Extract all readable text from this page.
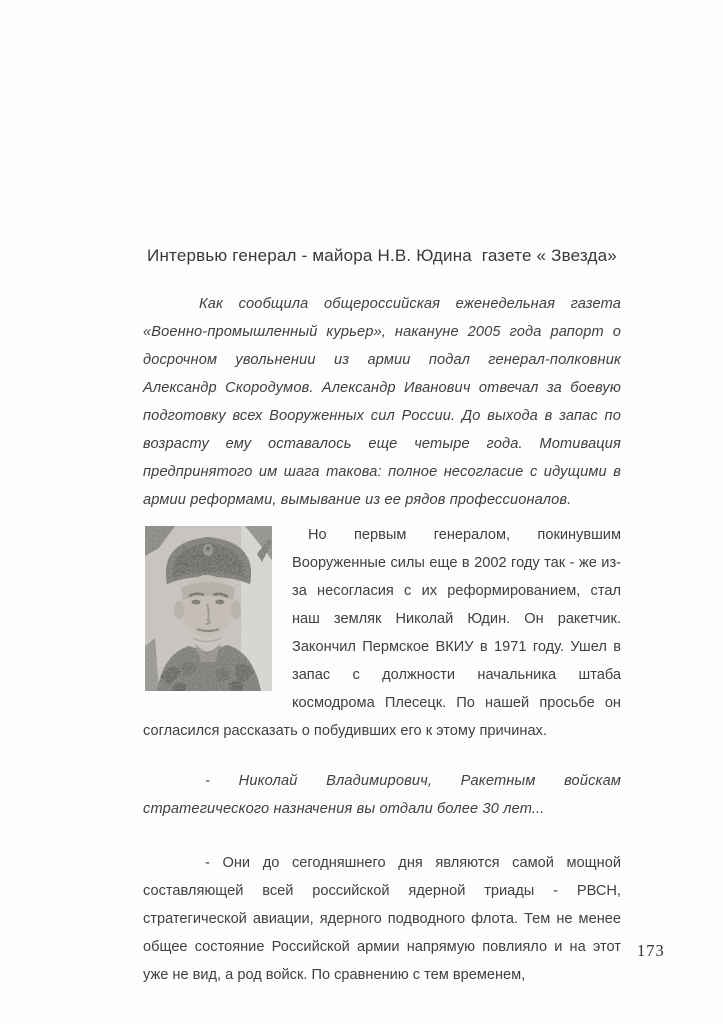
Интервью генерал - майора Н.В. Юдина  газете « Звезда»

Как сообщила общероссийская еженедельная газета «Военно-промышленный курьер», накануне 2005 года рапорт о досрочном увольнении из армии подал генерал-полковник Александр Скородумов. Александр Иванович отвечал за боевую подготовку всех Вооруженных сил России. До выхода в запас по возрасту ему оставалось еще четыре года. Мотивация предпринятого им шага такова: полное несогласие с идущими в армии реформами, вымывание из ее рядов профессионалов.

Но первым генералом, покинувшим Вооруженные силы еще в 2002 году так - же из-за несогласия с их реформированием, стал наш земляк Николай Юдин. Он ракетчик. Закончил Пермское ВКИУ в 1971 году. Ушел в запас с должности начальника штаба космодрома Плесецк. По нашей просьбе он согласился рассказать о побудивших его к этому причинах.

- Николай Владимирович, Ракетным войскам стратегического назначения вы отдали более 30 лет...

- Они до сегодняшнего дня являются самой мощной составляющей всей российской ядерной триады - РВСН, стратегической авиации, ядерного подводного флота. Тем не менее общее состояние Российской армии напрямую повлияло и на этот уже не вид, а род войск. По сравнению с тем временем,

173
